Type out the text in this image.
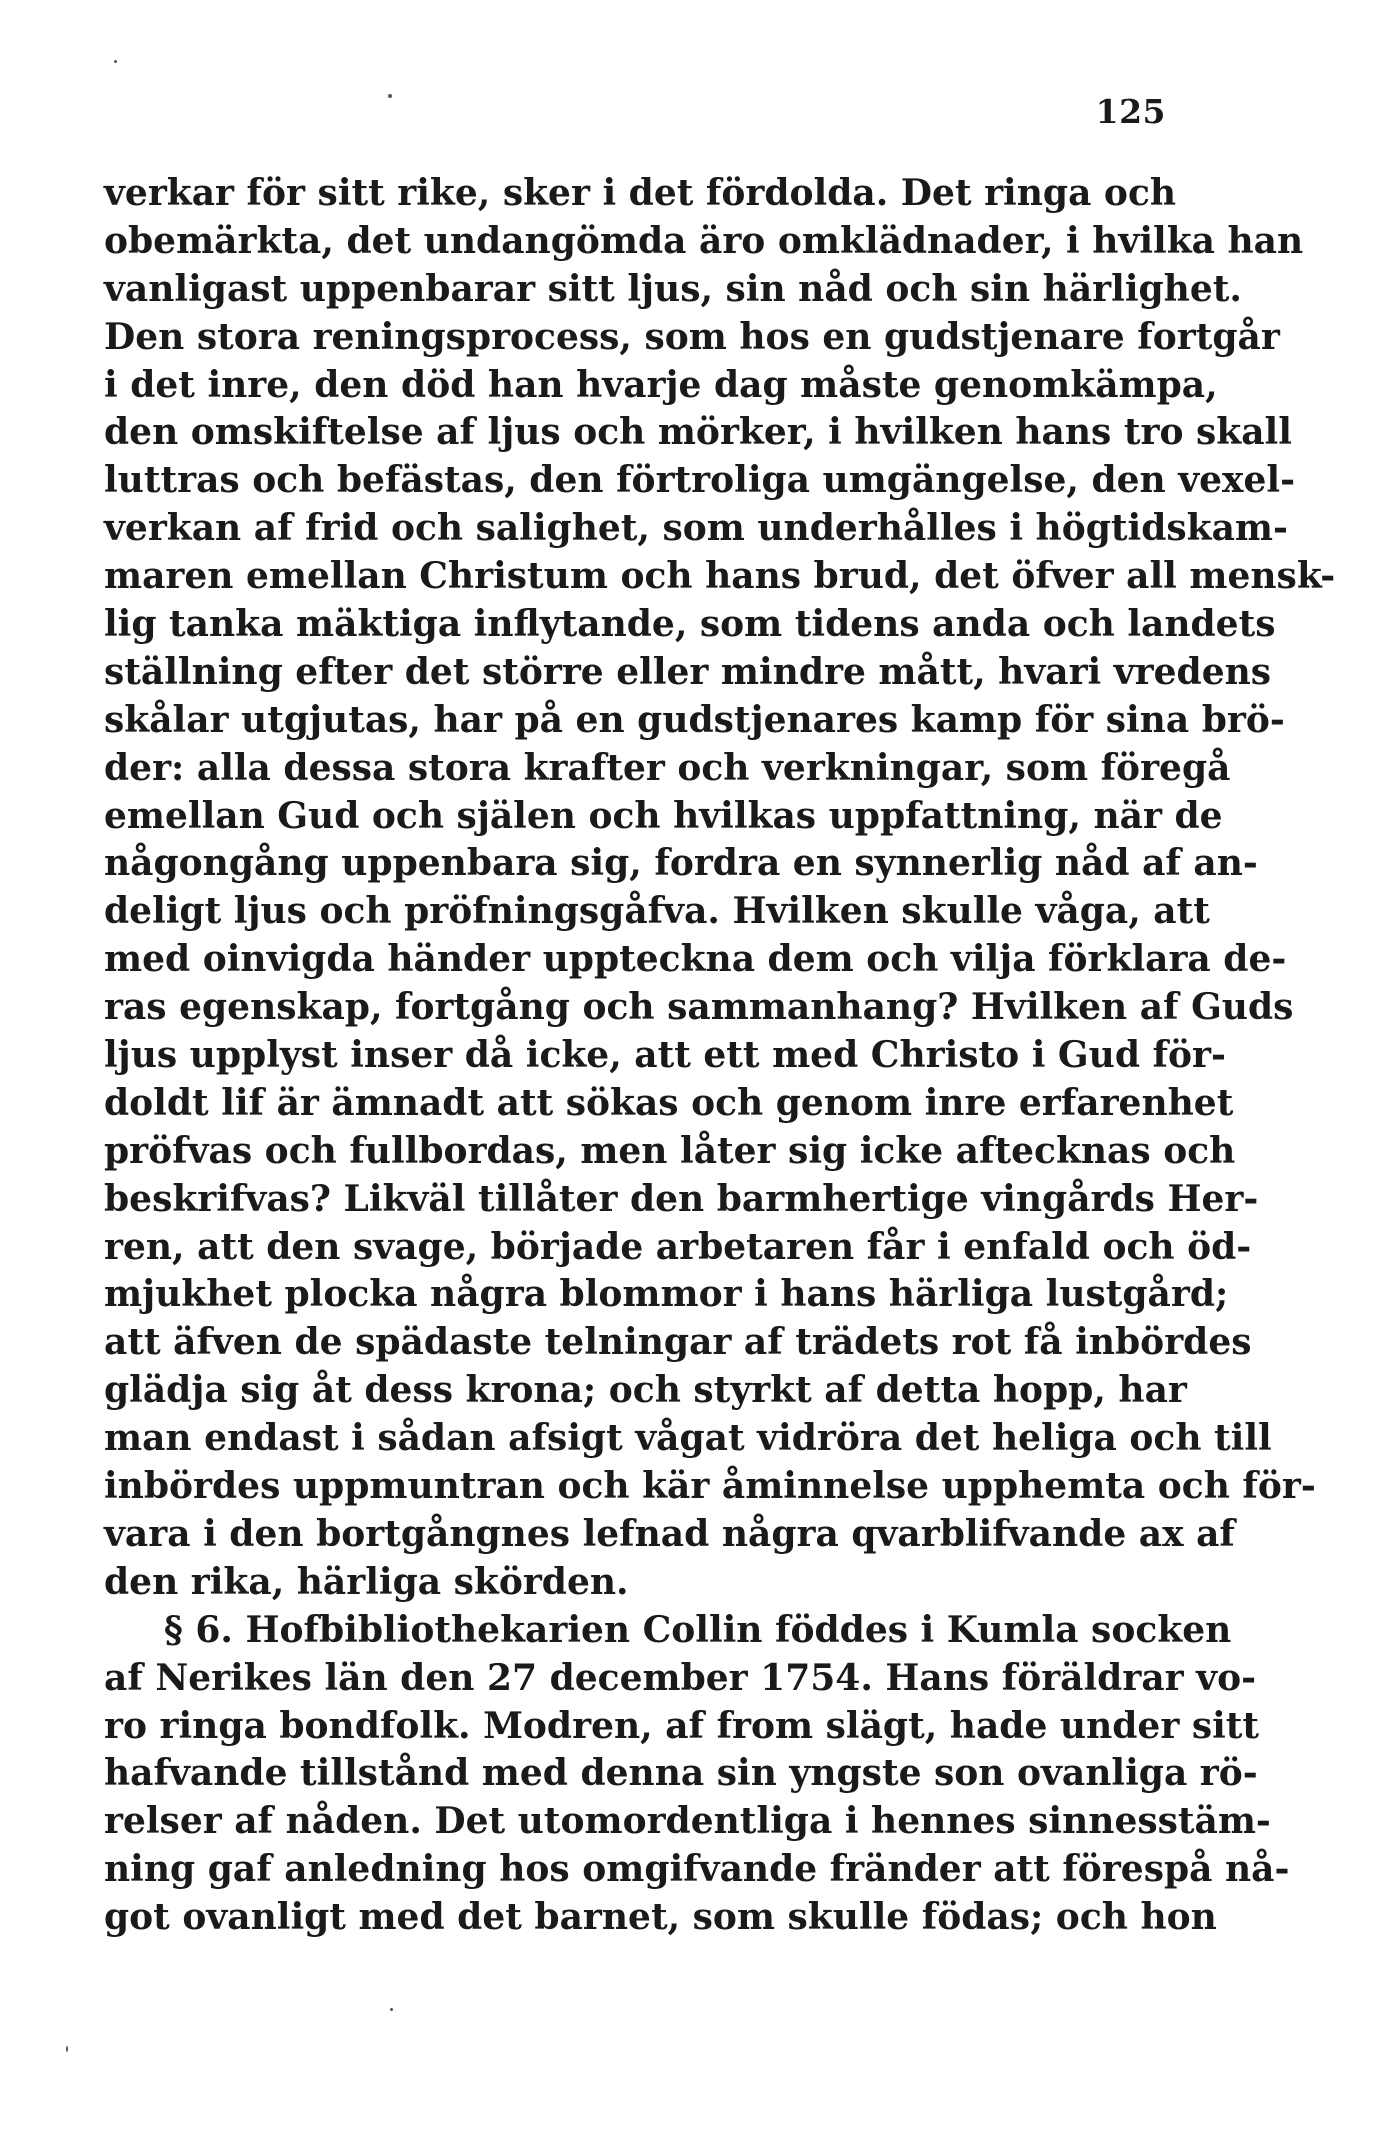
125
verkar för sitt rike, sker i det fördolda. Det ringa och
obemärkta, det undangömda äro omklädnader, i hvilka han
vanligast uppenbarar sitt ljus, sin nåd och sin härlighet.
Den stora reningsprocess, som hos en gudstjenare fortgår
i det inre, den död han hvarje dag måste genomkämpa,
den omskiftelse af ljus och mörker, i hvilken hans tro skall
luttras och befästas, den förtroliga umgängelse, den vexel-
verkan af frid och salighet, som underhålles i högtidskam-
maren emellan Christum och hans brud, det öfver all mensk-
lig tanka mäktiga inflytande, som tidens anda och landets
ställning efter det större eller mindre mått, hvari vredens
skålar utgjutas, har på en gudstjenares kamp för sina brö-
der: alla dessa stora krafter och verkningar, som föregå
emellan Gud och själen och hvilkas uppfattning, när de
någongång uppenbara sig, fordra en synnerlig nåd af an-
deligt ljus och pröfningsgåfva. Hvilken skulle våga, att
med oinvigda händer uppteckna dem och vilja förklara de-
ras egenskap, fortgång och sammanhang? Hvilken af Guds
ljus upplyst inser då icke, att ett med Christo i Gud för-
doldt lif är ämnadt att sökas och genom inre erfarenhet
pröfvas och fullbordas, men låter sig icke aftecknas och
beskrifvas? Likväl tillåter den barmhertige vingårds Her-
ren, att den svage, började arbetaren får i enfald och öd-
mjukhet plocka några blommor i hans härliga lustgård;
att äfven de spädaste telningar af trädets rot få inbördes
glädja sig åt dess krona; och styrkt af detta hopp, har
man endast i sådan afsigt vågat vidröra det heliga och till
inbördes uppmuntran och kär åminnelse upphemta och för-
vara i den bortgångnes lefnad några qvarblifvande ax af
den rika, härliga skörden.
§ 6. Hofbibliothekarien Collin föddes i Kumla socken
af Nerikes län den 27 december 1754. Hans föräldrar vo-
ro ringa bondfolk. Modren, af from slägt, hade under sitt
hafvande tillstånd med denna sin yngste son ovanliga rö-
relser af nåden. Det utomordentliga i hennes sinnesstäm-
ning gaf anledning hos omgifvande fränder att förespå nå-
got ovanligt med det barnet, som skulle födas; och hon
